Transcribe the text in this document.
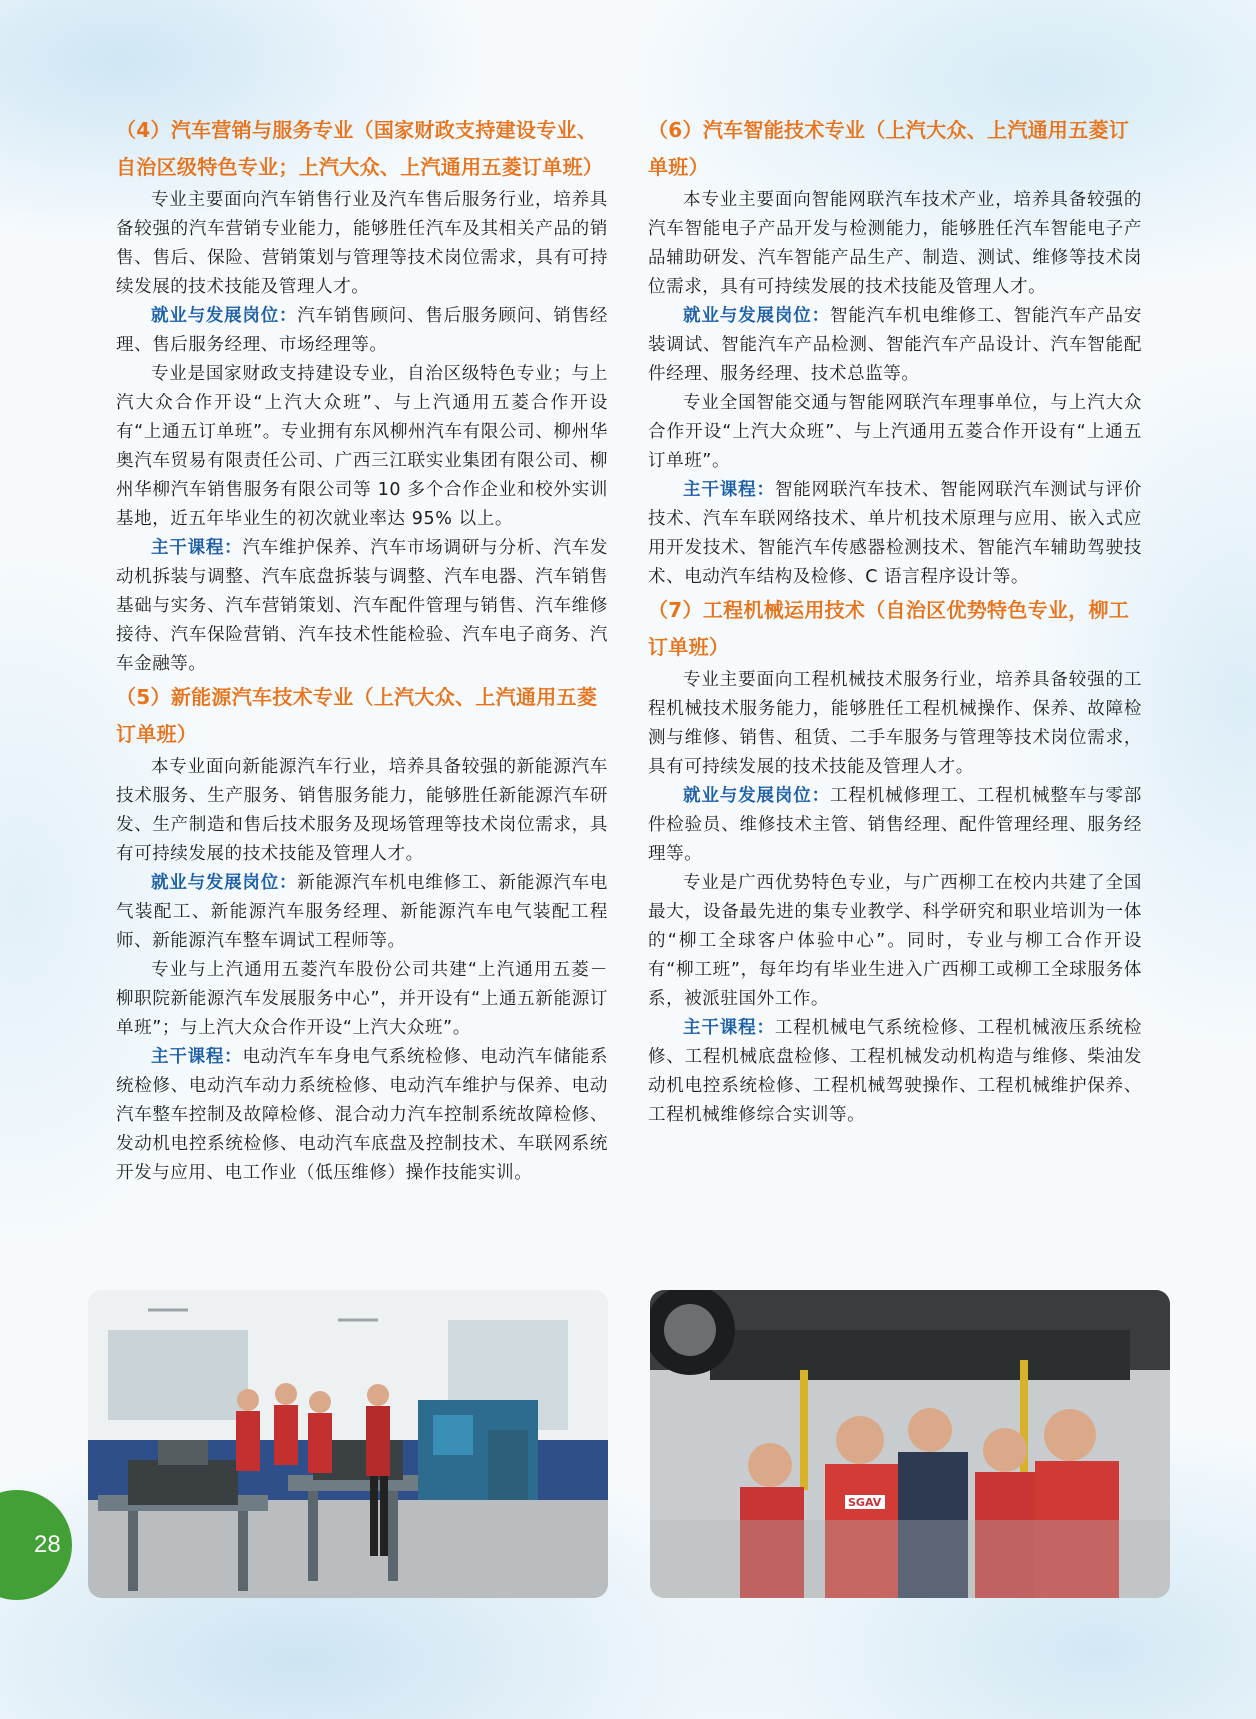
（4）汽车营销与服务专业（国家财政支持建设专业、自治区级特色专业；上汽大众、上汽通用五菱订单班）

专业主要面向汽车销售行业及汽车售后服务行业，培养具备较强的汽车营销专业能力，能够胜任汽车及其相关产品的销售、售后、保险、营销策划与管理等技术岗位需求，具有可持续发展的技术技能及管理人才。

就业与发展岗位：汽车销售顾问、售后服务顾问、销售经理、售后服务经理、市场经理等。

专业是国家财政支持建设专业，自治区级特色专业；与上汽大众合作开设“上汽大众班”、与上汽通用五菱合作开设有“上通五订单班”。专业拥有东风柳州汽车有限公司、柳州华奥汽车贸易有限责任公司、广西三江联实业集团有限公司、柳州华柳汽车销售服务有限公司等 10 多个合作企业和校外实训基地，近五年毕业生的初次就业率达 95% 以上。

主干课程：汽车维护保养、汽车市场调研与分析、汽车发动机拆装与调整、汽车底盘拆装与调整、汽车电器、汽车销售基础与实务、汽车营销策划、汽车配件管理与销售、汽车维修接待、汽车保险营销、汽车技术性能检验、汽车电子商务、汽车金融等。

（5）新能源汽车技术专业（上汽大众、上汽通用五菱订单班）

本专业面向新能源汽车行业，培养具备较强的新能源汽车技术服务、生产服务、销售服务能力，能够胜任新能源汽车研发、生产制造和售后技术服务及现场管理等技术岗位需求，具有可持续发展的技术技能及管理人才。

就业与发展岗位：新能源汽车机电维修工、新能源汽车电气装配工、新能源汽车服务经理、新能源汽车电气装配工程师、新能源汽车整车调试工程师等。

专业与上汽通用五菱汽车股份公司共建“上汽通用五菱－柳职院新能源汽车发展服务中心”，并开设有“上通五新能源订单班”；与上汽大众合作开设“上汽大众班”。

主干课程：电动汽车车身电气系统检修、电动汽车储能系统检修、电动汽车动力系统检修、电动汽车维护与保养、电动汽车整车控制及故障检修、混合动力汽车控制系统故障检修、发动机电控系统检修、电动汽车底盘及控制技术、车联网系统开发与应用、电工作业（低压维修）操作技能实训。

（6）汽车智能技术专业（上汽大众、上汽通用五菱订单班）

本专业主要面向智能网联汽车技术产业，培养具备较强的汽车智能电子产品开发与检测能力，能够胜任汽车智能电子产品辅助研发、汽车智能产品生产、制造、测试、维修等技术岗位需求，具有可持续发展的技术技能及管理人才。

就业与发展岗位：智能汽车机电维修工、智能汽车产品安装调试、智能汽车产品检测、智能汽车产品设计、汽车智能配件经理、服务经理、技术总监等。

专业全国智能交通与智能网联汽车理事单位，与上汽大众合作开设“上汽大众班”、与上汽通用五菱合作开设有“上通五订单班”。

主干课程：智能网联汽车技术、智能网联汽车测试与评价技术、汽车车联网络技术、单片机技术原理与应用、嵌入式应用开发技术、智能汽车传感器检测技术、智能汽车辅助驾驶技术、电动汽车结构及检修、C 语言程序设计等。

（7）工程机械运用技术（自治区优势特色专业，柳工订单班）

专业主要面向工程机械技术服务行业，培养具备较强的工程机械技术服务能力，能够胜任工程机械操作、保养、故障检测与维修、销售、租赁、二手车服务与管理等技术岗位需求，具有可持续发展的技术技能及管理人才。

就业与发展岗位：工程机械修理工、工程机械整车与零部件检验员、维修技术主管、销售经理、配件管理经理、服务经理等。

专业是广西优势特色专业，与广西柳工在校内共建了全国最大，设备最先进的集专业教学、科学研究和职业培训为一体的“柳工全球客户体验中心”。同时，专业与柳工合作开设有“柳工班”，每年均有毕业生进入广西柳工或柳工全球服务体系，被派驻国外工作。

主干课程：工程机械电气系统检修、工程机械液压系统检修、工程机械底盘检修、工程机械发动机构造与维修、柴油发动机电控系统检修、工程机械驾驶操作、工程机械维护保养、工程机械维修综合实训等。

SGAV
28
